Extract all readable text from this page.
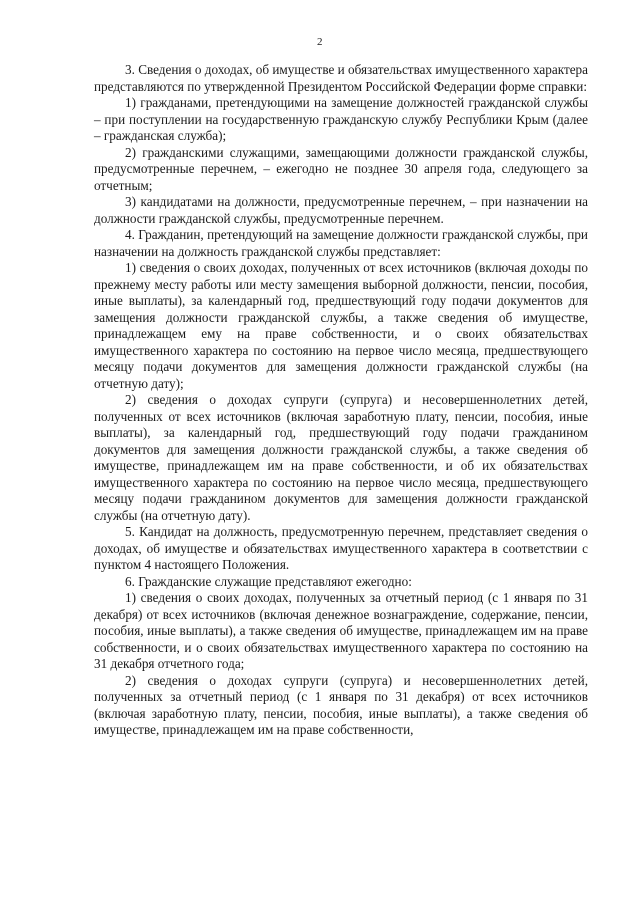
2

3. Сведения о доходах, об имуществе и обязательствах имущественного характера представляются по утвержденной Президентом Российской Федерации форме справки:

1) гражданами, претендующими на замещение должностей гражданской службы – при поступлении на государственную гражданскую службу Республики Крым (далее – гражданская служба);

2) гражданскими служащими, замещающими должности гражданской службы, предусмотренные перечнем, – ежегодно не позднее 30 апреля года, следующего за отчетным;

3) кандидатами на должности, предусмотренные перечнем, – при назначении на должности гражданской службы, предусмотренные перечнем.

4. Гражданин, претендующий на замещение должности гражданской службы, при назначении на должность гражданской службы представляет:

1) сведения о своих доходах, полученных от всех источников (включая доходы по прежнему месту работы или месту замещения выборной должности, пенсии, пособия, иные выплаты), за календарный год, предшествующий году подачи документов для замещения должности гражданской службы, а также сведения об имуществе, принадлежащем ему на праве собственности, и о своих обязательствах имущественного характера по состоянию на первое число месяца, предшествующего месяцу подачи документов для замещения должности гражданской службы (на отчетную дату);

2) сведения о доходах супруги (супруга) и несовершеннолетних детей, полученных от всех источников (включая заработную плату, пенсии, пособия, иные выплаты), за календарный год, предшествующий году подачи гражданином документов для замещения должности гражданской службы, а также сведения об имуществе, принадлежащем им на праве собственности, и об их обязательствах имущественного характера по состоянию на первое число месяца, предшествующего месяцу подачи гражданином документов для замещения должности гражданской службы (на отчетную дату).

5. Кандидат на должность, предусмотренную перечнем, представляет сведения о доходах, об имуществе и обязательствах имущественного характера в соответствии с пунктом 4 настоящего Положения.

6. Гражданские служащие представляют ежегодно:

1) сведения о своих доходах, полученных за отчетный период (с 1 января по 31 декабря) от всех источников (включая денежное вознаграждение, содержание, пенсии, пособия, иные выплаты), а также сведения об имуществе, принадлежащем им на праве собственности, и о своих обязательствах имущественного характера по состоянию на 31 декабря отчетного года;

2) сведения о доходах супруги (супруга) и несовершеннолетних детей, полученных за отчетный период (с 1 января по 31 декабря) от всех источников (включая заработную плату, пенсии, пособия, иные выплаты), а также сведения об имуществе, принадлежащем им на праве собственности,
